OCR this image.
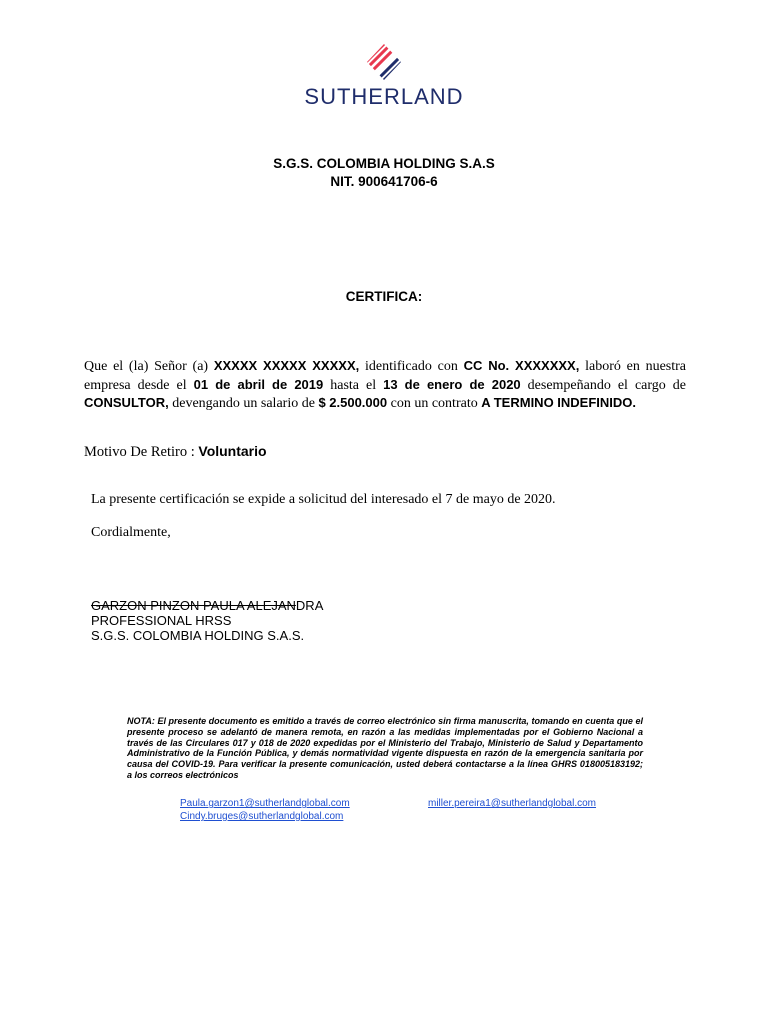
SUTHERLAND
S.G.S. COLOMBIA HOLDING S.A.S
NIT. 900641706-6
CERTIFICA:
Que el (la) Señor (a) XXXXX XXXXX XXXXX, identificado con CC No. XXXXXXX, laboró en nuestra empresa desde el 01 de abril de 2019 hasta el 13 de enero de 2020 desempeñando el cargo de CONSULTOR, devengando un salario de $ 2.500.000 con un contrato A TERMINO INDEFINIDO.
Motivo De Retiro : Voluntario
La presente certificación se expide a solicitud del interesado el 7 de mayo de 2020.
Cordialmente,
GARZON PINZON PAULA ALEJANDRA
PROFESSIONAL HRSS
S.G.S. COLOMBIA HOLDING S.A.S.
NOTA: El presente documento es emitido a través de correo electrónico sin firma manuscrita, tomando en cuenta que el presente proceso se adelantó de manera remota, en razón a las medidas implementadas por el Gobierno Nacional a través de las Circulares 017 y 018 de 2020 expedidas por el Ministerio del Trabajo, Ministerio de Salud y Departamento Administrativo de la Función Pública, y demás normatividad vigente dispuesta en razón de la emergencia sanitaria por causa del COVID-19. Para verificar la presente comunicación, usted deberá contactarse a la línea GHRS 018005183192; a los correos electrónicos
Paula.garzon1@sutherlandglobal.com	miller.pereira1@sutherlandglobal.com
Cindy.bruges@sutherlandglobal.com
